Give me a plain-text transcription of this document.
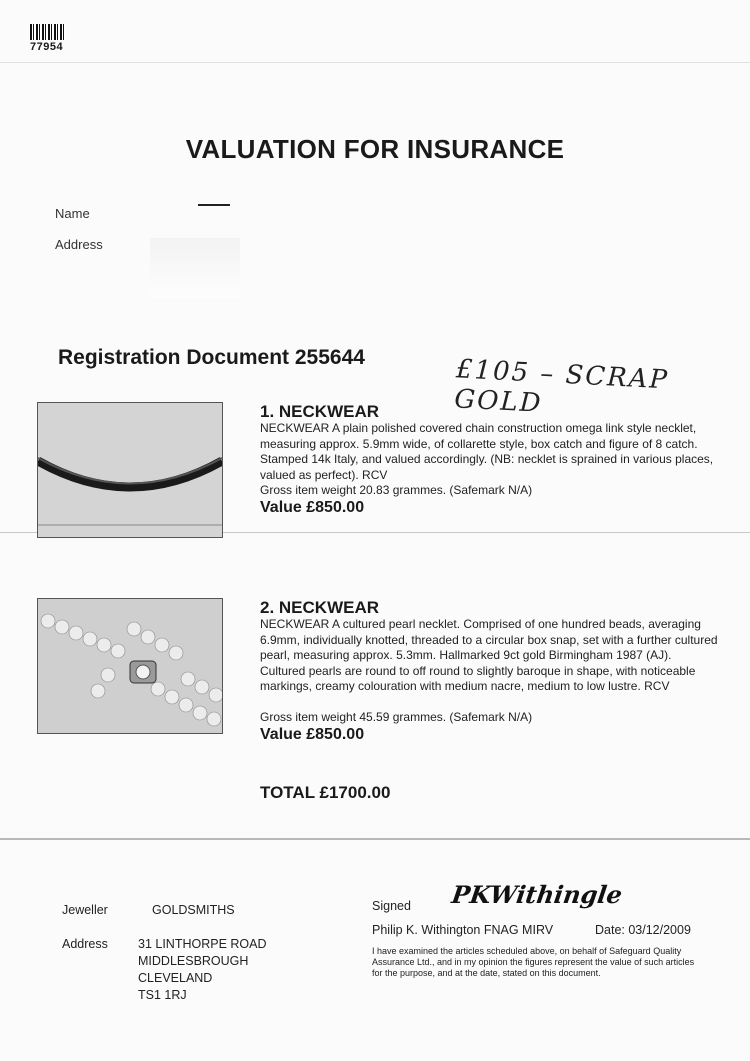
77954
VALUATION FOR INSURANCE
Name
Address
Registration Document 255644	£105 – SCRAP GOLD
1. NECKWEAR
NECKWEAR A plain polished covered chain construction omega link style necklet, measuring approx. 5.9mm wide, of collarette style, box catch and figure of 8 catch. Stamped 14k Italy, and valued accordingly. (NB: necklet is sprained in various places, valued as perfect). RCV
Gross item weight 20.83 grammes. (Safemark N/A)
Value £850.00
2. NECKWEAR
NECKWEAR A cultured pearl necklet. Comprised of one hundred beads, averaging 6.9mm, individually knotted, threaded to a circular box snap, set with a further cultured pearl, measuring approx. 5.3mm. Hallmarked 9ct gold Birmingham 1987 (AJ). Cultured pearls are round to off round to slightly baroque in shape, with noticeable markings, creamy colouration with medium nacre, medium to low lustre. RCV
Gross item weight 45.59 grammes. (Safemark N/A)
Value £850.00
TOTAL £1700.00
Jeweller	GOLDSMITHS
Address 31 LINTHORPE ROAD
MIDDLESBROUGH
CLEVELAND
TS1 1RJ
Signed PKWithingle
Philip K. Withington FNAG MIRV	Date: 03/12/2009
I have examined the articles scheduled above, on behalf of Safeguard Quality Assurance Ltd., and in my opinion the figures represent the value of such articles for the purpose, and at the date, stated on this document.
